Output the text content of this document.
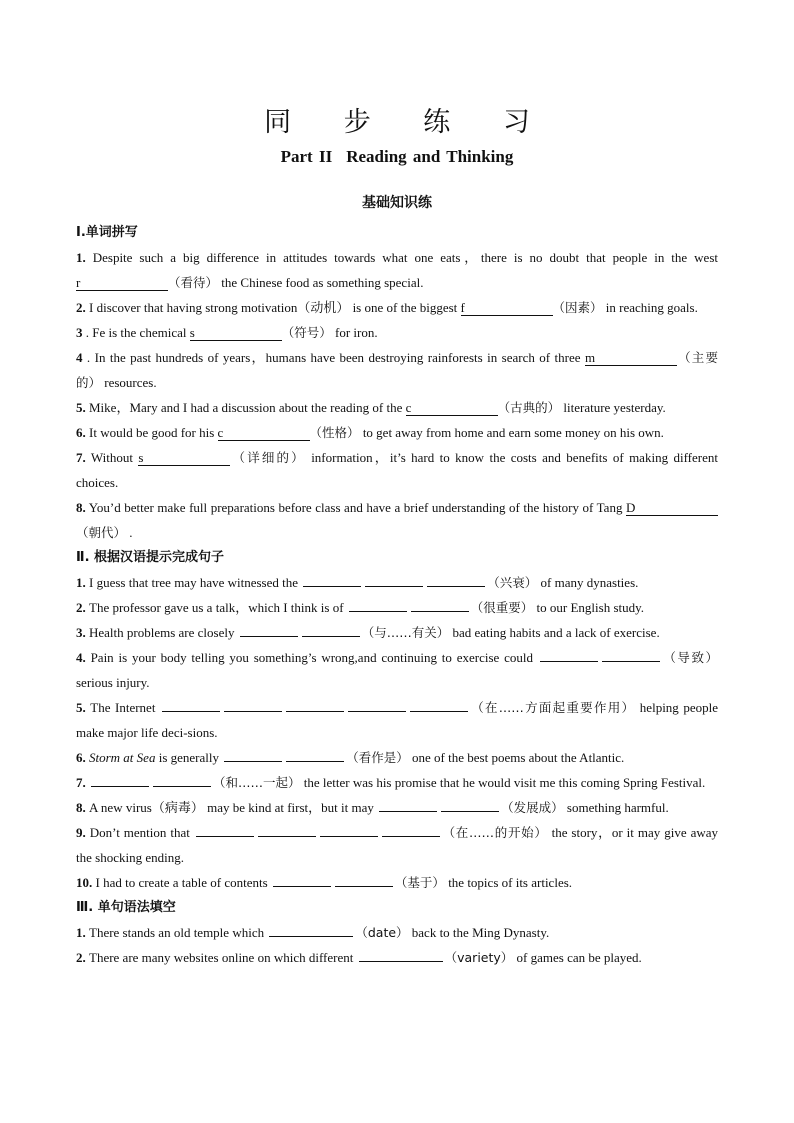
同 步 练 习
Part II Reading and Thinking
基础知识练
Ⅰ.单词拼写
1. Despite such a big difference in attitudes towards what one eats，there is no doubt that people in the west r	（看待） the Chinese food as something special.
2. I discover that having strong motivation（动机） is one of the biggest f	（因素） in reaching goals.
3 . Fe is the chemical s	（符号） for iron.
4 . In the past hundreds of years，humans have been destroying rainforests in search of three m	（主要的） resources.
5. Mike，Mary and I had a discussion about the reading of the c	（古典的） literature yesterday.
6. It would be good for his c	（性格） to get away from home and earn some money on his own.
7. Without s	（详细的） information，it’s hard to know the costs and benefits of making different choices.
8. You’d better make full preparations before class and have a brief understanding of the history of Tang D（朝代） .
Ⅱ. 根据汉语提示完成句子
1. I guess that tree may have witnessed the	（兴衰） of many dynasties.
2. The professor gave us a talk，which I think is of	（很重要） to our English study.
3. Health problems are closely	（与……有关） bad eating habits and a lack of exercise.
4. Pain is your body telling you something’s wrong,and continuing to exercise could	（导致）serious injury.
5. The Internet	（在……方面起重要作用） helping people make major life deci-sions.
6. Storm at Sea is generally	（看作是） one of the best poems about the Atlantic.
7.	（和……一起） the letter was his promise that he would visit me this coming Spring Festival.
8. A new virus（病毒） may be kind at first，but it may	（发展成） something harmful.
9. Don’t mention that	（在……的开始） the story，or it may give away the shocking ending.
10. I had to create a table of contents	（基于） the topics of its articles.
Ⅲ. 单句语法填空
1. There stands an old temple which	（date） back to the Ming Dynasty.
2. There are many websites online on which different	（variety） of games can be played.
